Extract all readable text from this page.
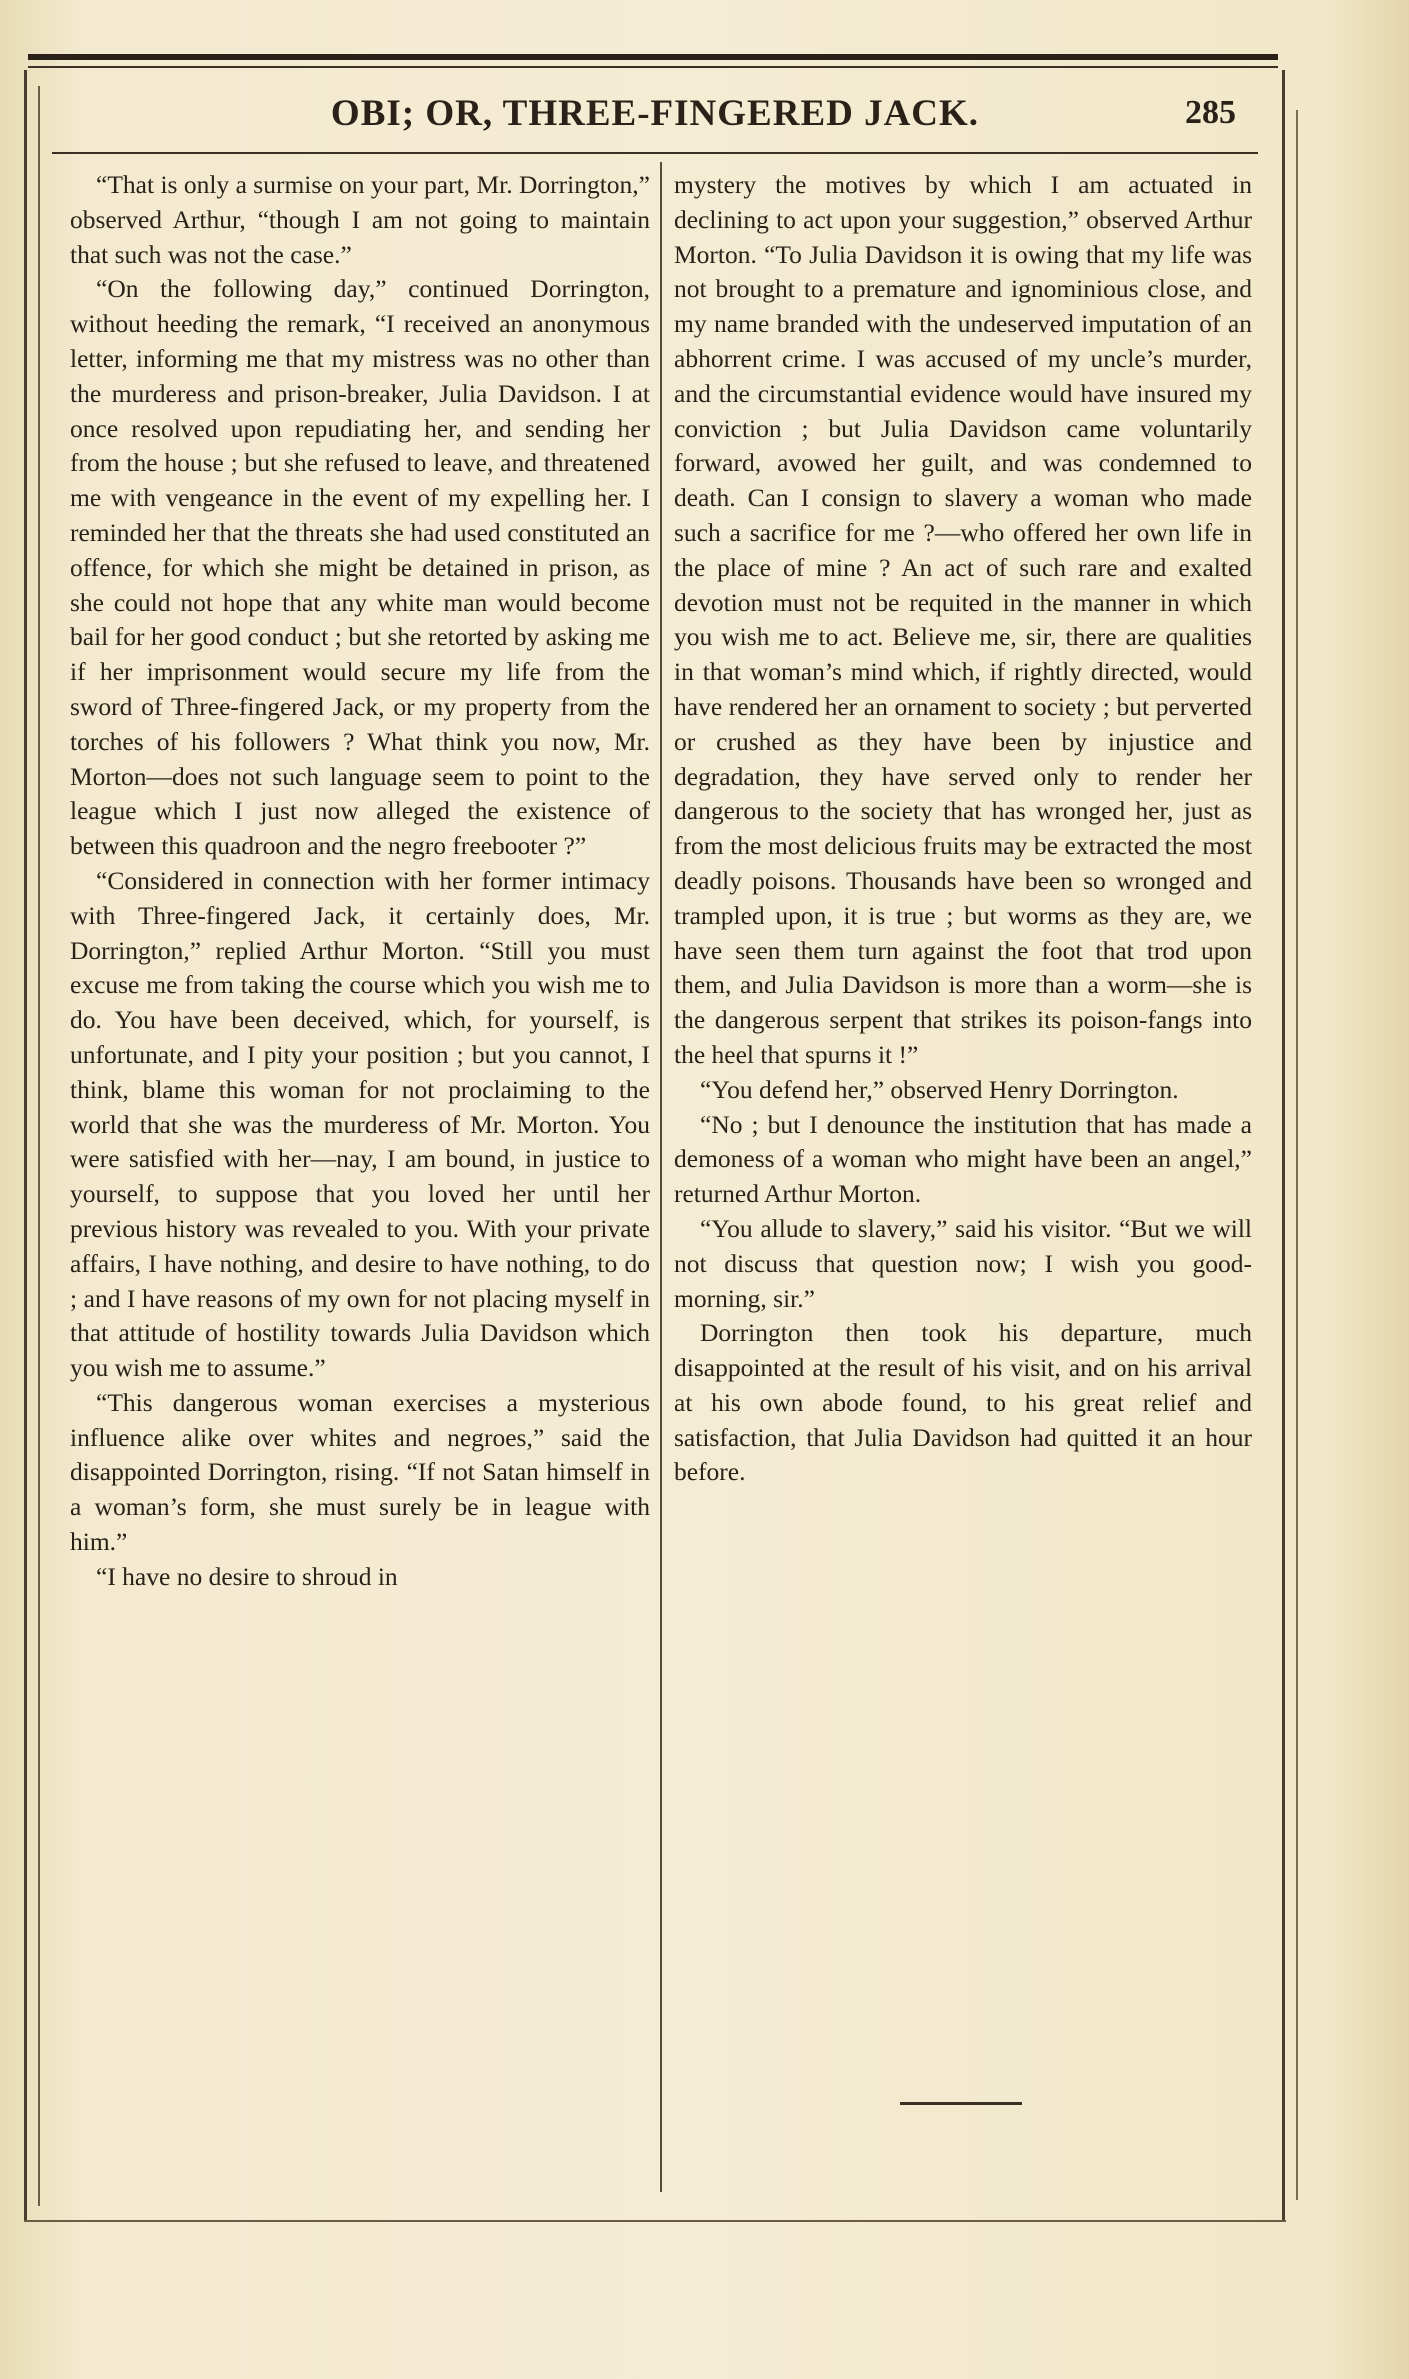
OBI; OR, THREE-FINGERED JACK.	285

“That is only a surmise on your part, Mr. Dorrington,” observed Arthur, “though I am not going to maintain that such was not the case.”

“On the following day,” continued Dorrington, without heeding the remark, “I received an anonymous letter, informing me that my mistress was no other than the murderess and prison-breaker, Julia Davidson. I at once resolved upon repudiating her, and sending her from the house ; but she refused to leave, and threatened me with vengeance in the event of my expelling her. I reminded her that the threats she had used constituted an offence, for which she might be detained in prison, as she could not hope that any white man would become bail for her good conduct ; but she retorted by asking me if her imprisonment would secure my life from the sword of Three-fingered Jack, or my property from the torches of his followers ? What think you now, Mr. Morton—does not such language seem to point to the league which I just now alleged the existence of between this quadroon and the negro freebooter ?”

“Considered in connection with her former intimacy with Three-fingered Jack, it certainly does, Mr. Dorrington,” replied Arthur Morton. “Still you must excuse me from taking the course which you wish me to do. You have been deceived, which, for yourself, is unfortunate, and I pity your position ; but you cannot, I think, blame this woman for not proclaiming to the world that she was the murderess of Mr. Morton. You were satisfied with her—nay, I am bound, in justice to yourself, to suppose that you loved her until her previous history was revealed to you. With your private affairs, I have nothing, and desire to have nothing, to do ; and I have reasons of my own for not placing myself in that attitude of hostility towards Julia Davidson which you wish me to assume.”

“This dangerous woman exercises a mysterious influence alike over whites and negroes,” said the disappointed Dorrington, rising. “If not Satan himself in a woman’s form, she must surely be in league with him.”

“I have no desire to shroud in

mystery the motives by which I am actuated in declining to act upon your suggestion,” observed Arthur Morton. “To Julia Davidson it is owing that my life was not brought to a premature and ignominious close, and my name branded with the undeserved imputation of an abhorrent crime. I was accused of my uncle’s murder, and the circumstantial evidence would have insured my conviction ; but Julia Davidson came voluntarily forward, avowed her guilt, and was condemned to death. Can I consign to slavery a woman who made such a sacrifice for me ?—who offered her own life in the place of mine ? An act of such rare and exalted devotion must not be requited in the manner in which you wish me to act. Believe me, sir, there are qualities in that woman’s mind which, if rightly directed, would have rendered her an ornament to society ; but perverted or crushed as they have been by injustice and degradation, they have served only to render her dangerous to the society that has wronged her, just as from the most delicious fruits may be extracted the most deadly poisons. Thousands have been so wronged and trampled upon, it is true ; but worms as they are, we have seen them turn against the foot that trod upon them, and Julia Davidson is more than a worm—she is the dangerous serpent that strikes its poison-fangs into the heel that spurns it !”

“You defend her,” observed Henry Dorrington.

“No ; but I denounce the institution that has made a demoness of a woman who might have been an angel,” returned Arthur Morton.

“You allude to slavery,” said his visitor. “But we will not discuss that question now; I wish you good-morning, sir.”

Dorrington then took his departure, much disappointed at the result of his visit, and on his arrival at his own abode found, to his great relief and satisfaction, that Julia Davidson had quitted it an hour before.
